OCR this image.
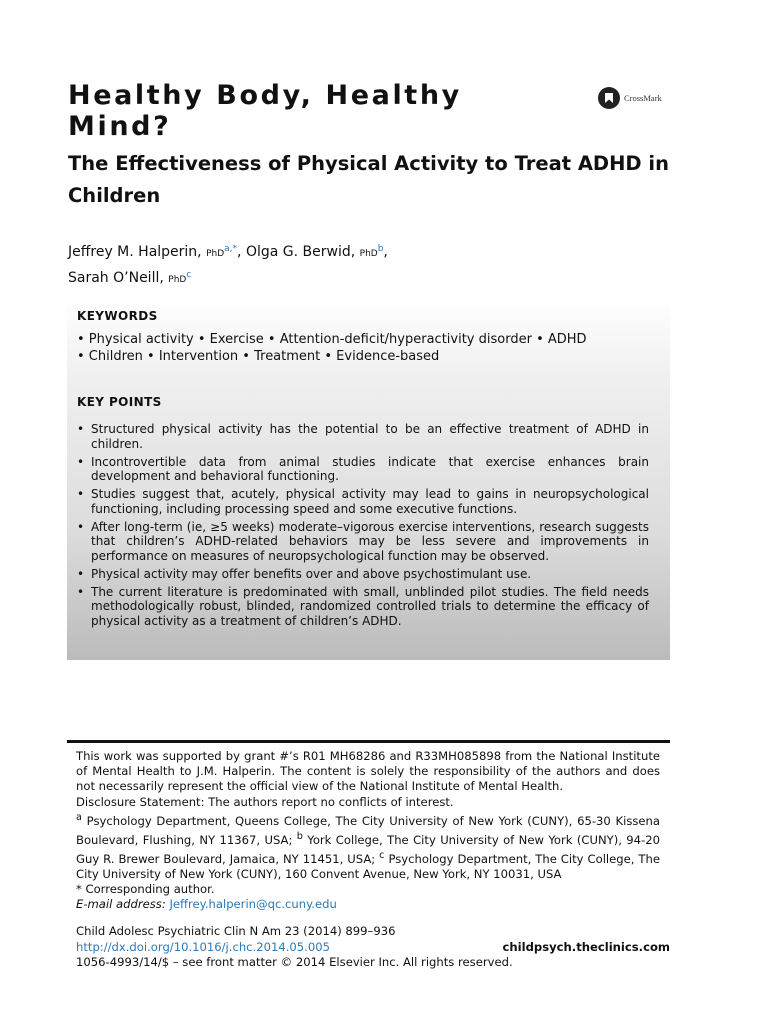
Healthy Body, Healthy Mind?
CrossMark
The Effectiveness of Physical Activity to Treat ADHD in Children
Jeffrey M. Halperin, PhD$^{a,*}$, Olga G. Berwid, PhD$^b$,
Sarah O’Neill, PhD$^c$
KEYWORDS
• Physical activity • Exercise • Attention-deficit/hyperactivity disorder • ADHD
• Children • Intervention • Treatment • Evidence-based
KEY POINTS
• Structured physical activity has the potential to be an effective treatment of ADHD in children.
• Incontrovertible data from animal studies indicate that exercise enhances brain development and behavioral functioning.
• Studies suggest that, acutely, physical activity may lead to gains in neuropsychological functioning, including processing speed and some executive functions.
• After long-term (ie, ≥5 weeks) moderate–vigorous exercise interventions, research suggests that children’s ADHD-related behaviors may be less severe and improvements in performance on measures of neuropsychological function may be observed.
• Physical activity may offer benefits over and above psychostimulant use.
• The current literature is predominated with small, unblinded pilot studies. The field needs methodologically robust, blinded, randomized controlled trials to determine the efficacy of physical activity as a treatment of children’s ADHD.

This work was supported by grant #’s R01 MH68286 and R33MH085898 from the National Institute of Mental Health to J.M. Halperin. The content is solely the responsibility of the authors and does not necessarily represent the official view of the National Institute of Mental Health.

Disclosure Statement: The authors report no conflicts of interest.

$^a$ Psychology Department, Queens College, The City University of New York (CUNY), 65-30 Kissena Boulevard, Flushing, NY 11367, USA; $^b$ York College, The City University of New York (CUNY), 94-20 Guy R. Brewer Boulevard, Jamaica, NY 11451, USA; $^c$ Psychology Department, The City College, The City University of New York (CUNY), 160 Convent Avenue, New York, NY 10031, USA

* Corresponding author.

E-mail address: Jeffrey.halperin@qc.cuny.edu

Child Adolesc Psychiatric Clin N Am 23 (2014) 899–936

http://dx.doi.org/10.1016/j.chc.2014.05.005

1056-4993/14/$ – see front matter © 2014 Elsevier Inc. All rights reserved.

childpsych.theclinics.com
